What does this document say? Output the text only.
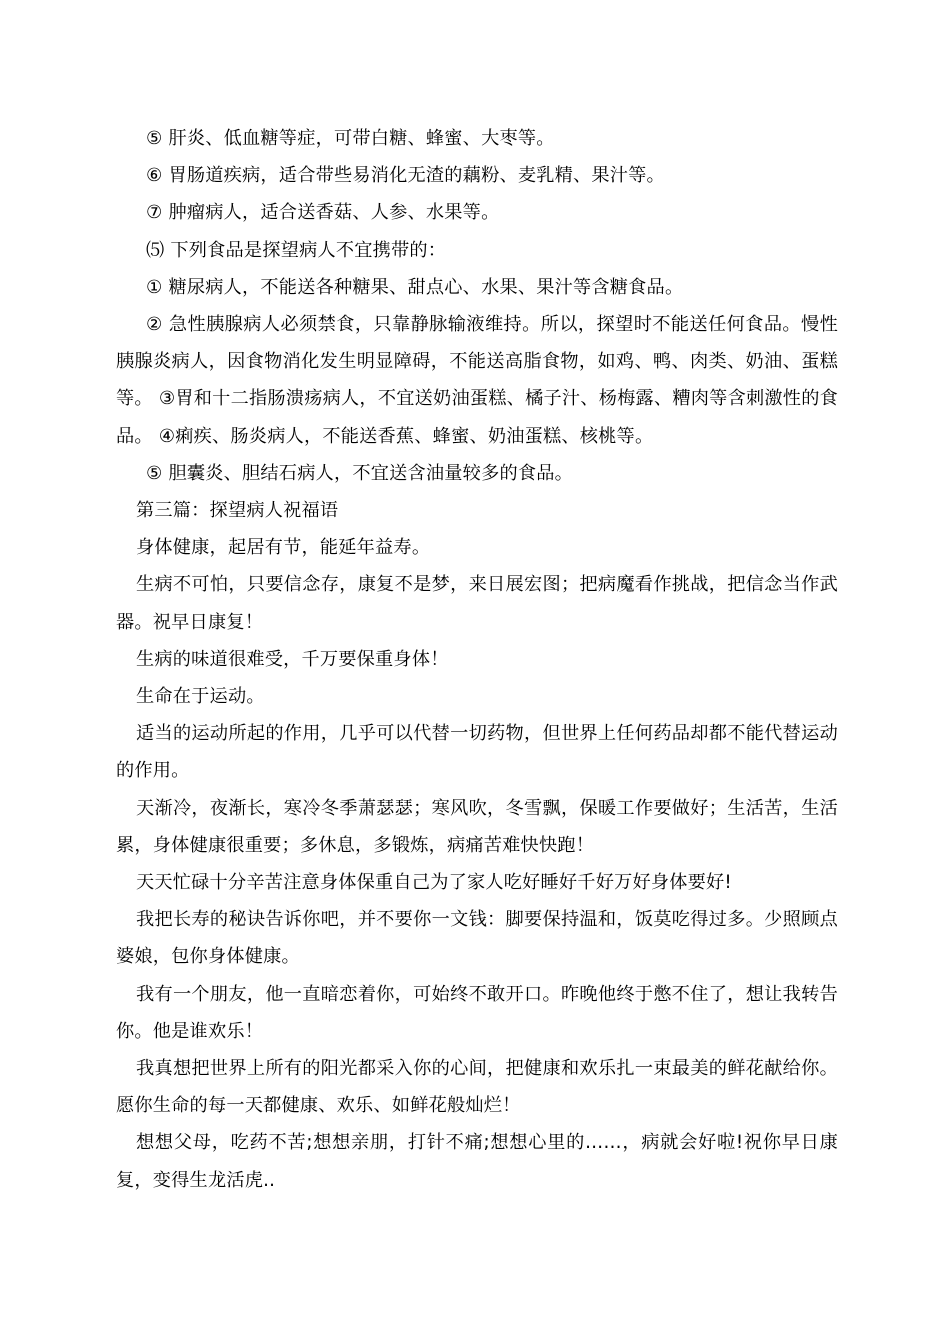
⑤ 肝炎、低血糖等症，可带白糖、蜂蜜、大枣等。

⑥ 胃肠道疾病，适合带些易消化无渣的藕粉、麦乳精、果汁等。

⑦ 肿瘤病人，适合送香菇、人参、水果等。

⑸ 下列食品是探望病人不宜携带的：

① 糖尿病人，不能送各种糖果、甜点心、水果、果汁等含糖食品。

② 急性胰腺病人必须禁食，只靠静脉输液维持。所以，探望时不能送任何食品。慢性胰腺炎病人，因食物消化发生明显障碍，不能送高脂食物，如鸡、鸭、肉类、奶油、蛋糕等。 ③胃和十二指肠溃疡病人，不宜送奶油蛋糕、橘子汁、杨梅露、糟肉等含刺激性的食品。 ④痢疾、肠炎病人，不能送香蕉、蜂蜜、奶油蛋糕、核桃等。

⑤ 胆囊炎、胆结石病人，不宜送含油量较多的食品。

第三篇：探望病人祝福语

身体健康，起居有节，能延年益寿。

生病不可怕，只要信念存，康复不是梦，来日展宏图；把病魔看作挑战，把信念当作武器。祝早日康复！

生病的味道很难受，千万要保重身体！

生命在于运动。

适当的运动所起的作用，几乎可以代替一切药物，但世界上任何药品却都不能代替运动的作用。

天渐冷，夜渐长，寒冷冬季萧瑟瑟；寒风吹，冬雪飘，保暖工作要做好；生活苦，生活累，身体健康很重要；多休息，多锻炼，病痛苦难快快跑！

天天忙碌十分辛苦注意身体保重自己为了家人吃好睡好千好万好身体要好!

我把长寿的秘诀告诉你吧，并不要你一文钱：脚要保持温和，饭莫吃得过多。少照顾点婆娘，包你身体健康。

我有一个朋友，他一直暗恋着你，可始终不敢开口。昨晚他终于憋不住了，想让我转告你。他是谁欢乐！

我真想把世界上所有的阳光都采入你的心间，把健康和欢乐扎一束最美的鲜花献给你。愿你生命的每一天都健康、欢乐、如鲜花般灿烂！

想想父母，吃药不苦;想想亲朋，打针不痛;想想心里的……，病就会好啦!祝你早日康复，变得生龙活虎..
